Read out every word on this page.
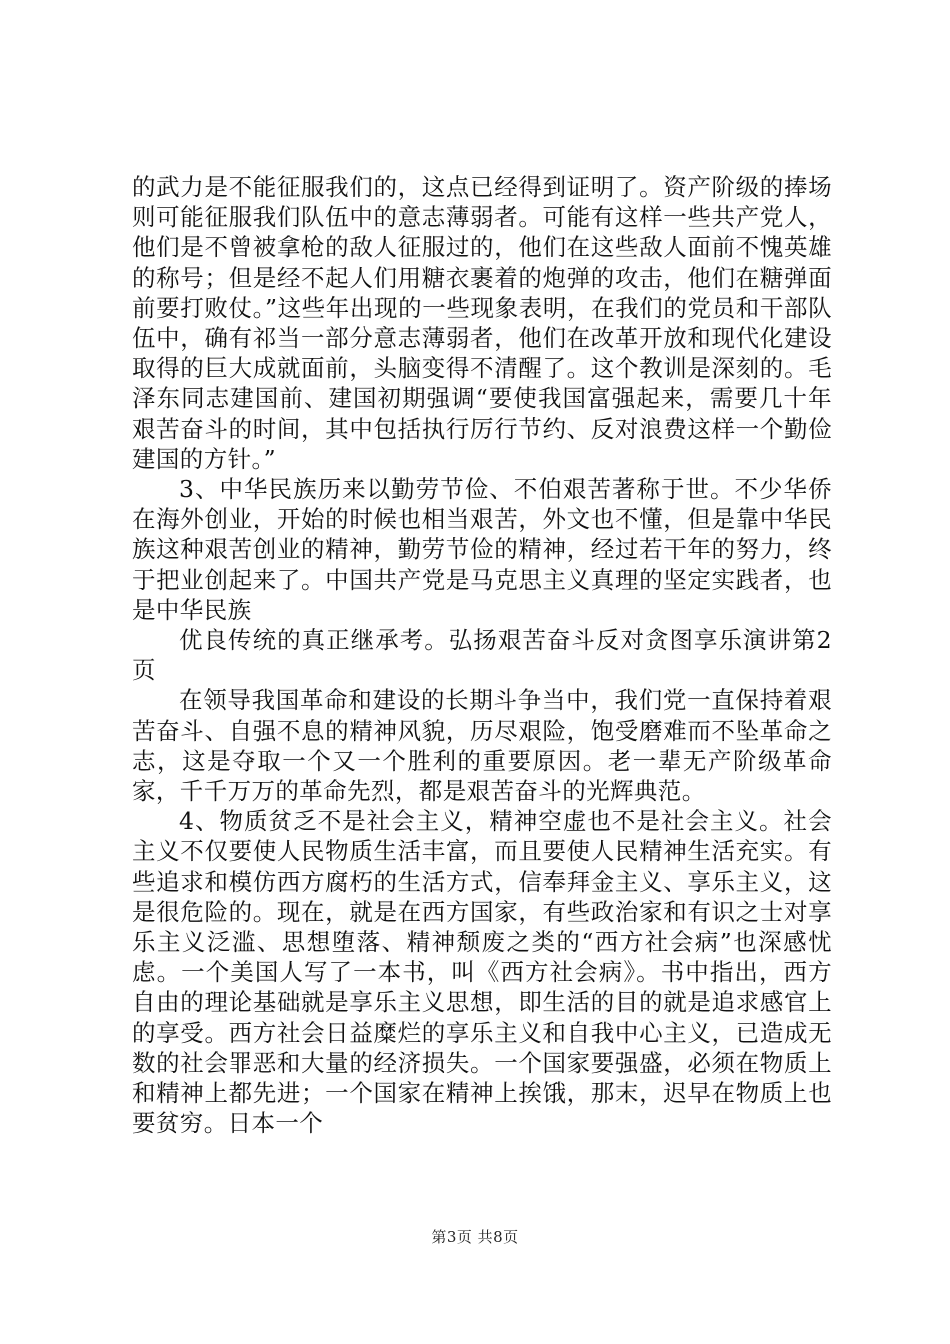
的武力是不能征服我们的，这点已经得到证明了。资产阶级的捧场则可能征服我们队伍中的意志薄弱者。可能有这样一些共产党人，他们是不曾被拿枪的敌人征服过的，他们在这些敌人面前不愧英雄的称号；但是经不起人们用糖衣裹着的炮弹的攻击，他们在糖弹面前要打败仗。”这些年出现的一些现象表明，在我们的党员和干部队伍中，确有祁当一部分意志薄弱者，他们在改革开放和现代化建设取得的巨大成就面前，头脑变得不清醒了。这个教训是深刻的。毛泽东同志建国前、建国初期强调“要使我国富强起来，需要几十年艰苦奋斗的时间，其中包括执行厉行节约、反对浪费这样一个勤俭建国的方针。”

3、中华民族历来以勤劳节俭、不伯艰苦著称于世。不少华侨在海外创业，开始的时候也相当艰苦，外文也不懂，但是靠中华民族这种艰苦创业的精神，勤劳节俭的精神，经过若干年的努力，终于把业创起来了。中国共产党是马克思主义真理的坚定实践者，也是中华民族

优良传统的真正继承考。弘扬艰苦奋斗反对贪图享乐演讲第2页

在领导我国革命和建设的长期斗争当中，我们党一直保持着艰苦奋斗、自强不息的精神风貌，历尽艰险，饱受磨难而不坠革命之志，这是夺取一个又一个胜利的重要原因。老一辈无产阶级革命家，千千万万的革命先烈，都是艰苦奋斗的光辉典范。

4、物质贫乏不是社会主义，精神空虚也不是社会主义。社会主义不仅要使人民物质生活丰富，而且要使人民精神生活充实。有些追求和模仿西方腐朽的生活方式，信奉拜金主义、享乐主义，这是很危险的。现在，就是在西方国家，有些政治家和有识之士对享乐主义泛滥、思想堕落、精神颓废之类的“西方社会病”也深感忧虑。一个美国人写了一本书，叫《西方社会病》。书中指出，西方自由的理论基础就是享乐主义思想，即生活的目的就是追求感官上的享受。西方社会日益糜烂的享乐主义和自我中心主义，已造成无数的社会罪恶和大量的经济损失。一个国家要强盛，必须在物质上和精神上都先进；一个国家在精神上挨饿，那末，迟早在物质上也要贫穷。日本一个

第3页 共8页
